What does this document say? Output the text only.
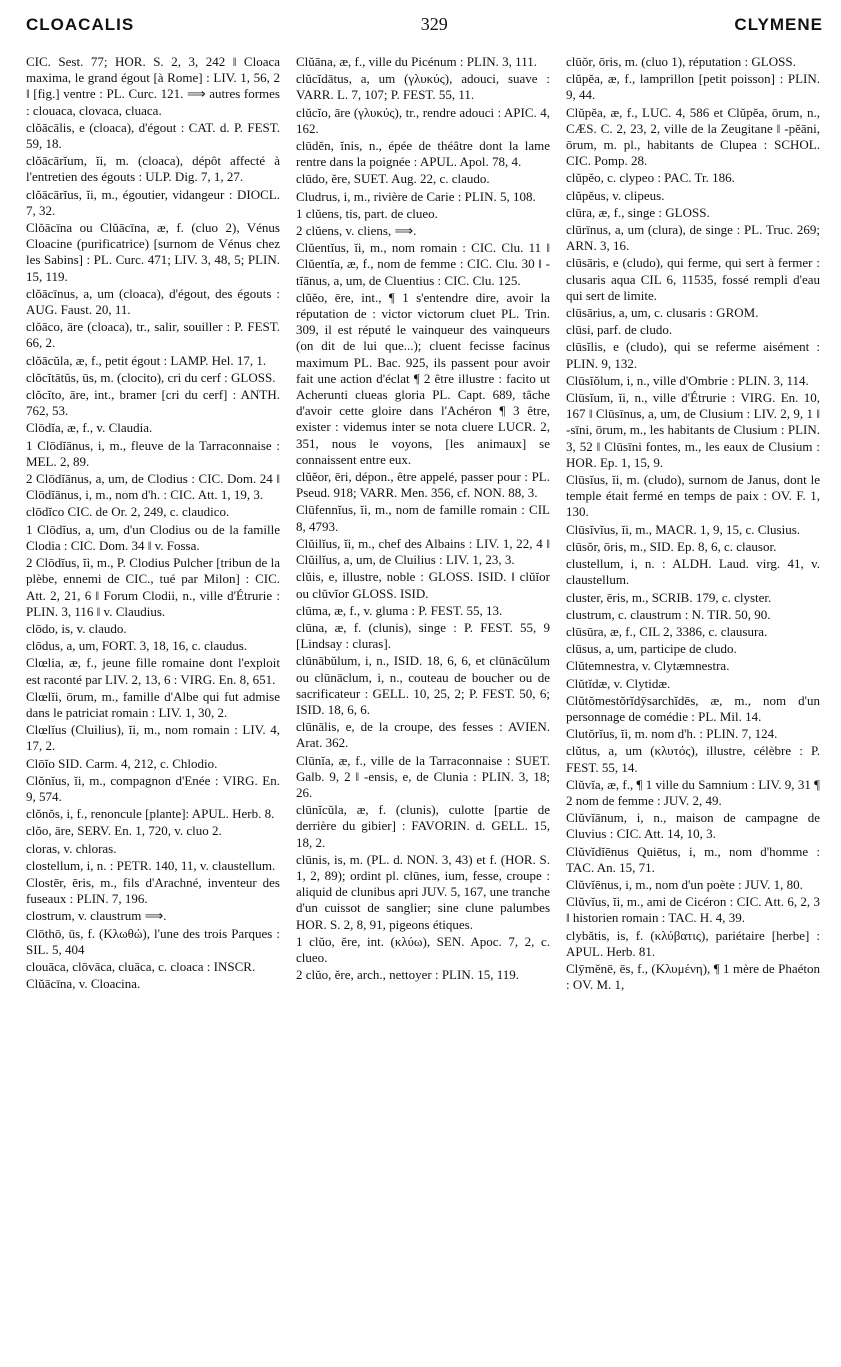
CLOACALIS	329	CLYMENE

CIC. Sest. 77; HOR. S. 2, 3, 242 ‖ Cloaca maxima, le grand égout [à Rome] : LIV. 1, 56, 2 ‖ [fig.] ventre : PL. Curc. 121. ⟹ autres formes : clouaca, clovaca, cluaca.

clŏācālis, e (cloaca), d'égout : CAT. d. P. FEST. 59, 18.

clŏācārĭum, ĭi, m. (cloaca), dépôt affecté à l'entretien des égouts : ULP. Dig. 7, 1, 27.

clŏācārĭus, ĭi, m., égoutier, vidangeur : DIOCL. 7, 32.

Clŏācīna ou Clŭācīna, æ, f. (cluo 2), Vénus Cloacine (purificatrice) [surnom de Vénus chez les Sabins] : PL. Curc. 471; LIV. 3, 48, 5; PLIN. 15, 119.

clŏācīnus, a, um (cloaca), d'égout, des égouts : AUG. Faust. 20, 11.

clŏāco, āre (cloaca), tr., salir, souiller : P. FEST. 66, 2.

clŏācŭla, æ, f., petit égout : LAMP. Hel. 17, 1.

clŏcĭtātŭs, ūs, m. (clocito), cri du cerf : GLOSS.

clŏcĭto, āre, int., bramer [cri du cerf] : ANTH. 762, 53.

Clōdĭa, æ, f., v. Claudia.

1 Clōdĭānus, i, m., fleuve de la Tarraconnaise : MEL. 2, 89.

2 Clōdĭānus, a, um, de Clodius : CIC. Dom. 24 ‖ Clōdĭānus, i, m., nom d'h. : CIC. Att. 1, 19, 3.

clōdĭco CIC. de Or. 2, 249, c. claudico.

1 Clōdĭus, a, um, d'un Clodius ou de la famille Clodia : CIC. Dom. 34 ‖ v. Fossa.

2 Clōdĭus, ĭi, m., P. Clodius Pulcher [tribun de la plèbe, ennemi de CIC., tué par Milon] : CIC. Att. 2, 21, 6 ‖ Forum Clodii, n., ville d'Étrurie : PLIN. 3, 116 ‖ v. Claudius.

clōdo, is, v. claudo.

clōdus, a, um, FORT. 3, 18, 16, c. claudus.

Clœlia, æ, f., jeune fille romaine dont l'exploit est raconté par LIV. 2, 13, 6 : VIRG. En. 8, 651.

Clœlĭi, ōrum, m., famille d'Albe qui fut admise dans le patriciat romain : LIV. 1, 30, 2.

Clœlĭus (Cluilius), ĭi, m., nom romain : LIV. 4, 17, 2.

Clōĭo SID. Carm. 4, 212, c. Chlodio.

Clŏnĭus, ĭi, m., compagnon d'Enée : VIRG. En. 9, 574.

clŏnŏs, i, f., renoncule [plante]: APUL. Herb. 8.

clŏo, āre, SERV. En. 1, 720, v. cluo 2.

cloras, v. chloras.

clostellum, i, n. : PETR. 140, 11, v. claustellum.

Clostēr, ēris, m., fils d'Arachné, inventeur des fuseaux : PLIN. 7, 196.

clostrum, v. claustrum ⟹.

Clōthō, ūs, f. (Κλωθώ), l'une des trois Parques : SIL. 5, 404

clouāca, clōvāca, cluāca, c. cloaca : INSCR.

Clŭācīna, v. Cloacina.

Clŭāna, æ, f., ville du Picénum : PLIN. 3, 111.

clŭcĭdātus, a, um (γλυκύς), adouci, suave : VARR. L. 7, 107; P. FEST. 55, 11.

clŭcĭo, āre (γλυκύς), tr., rendre adouci : APIC. 4, 162.

clūdĕn, ĭnis, n., épée de théâtre dont la lame rentre dans la poignée : APUL. Apol. 78, 4.

clūdo, ĕre, SUET. Aug. 22, c. claudo.

Cludrus, i, m., rivière de Carie : PLIN. 5, 108.

1 clŭens, tis, part. de clueo.

2 clŭens, v. cliens, ⟹.

Clŭentĭus, ĭi, m., nom romain : CIC. Clu. 11 ‖ Clŭentĭa, æ, f., nom de femme : CIC. Clu. 30 ‖ -tĭānus, a, um, de Cluentius : CIC. Clu. 125.

clŭĕo, ēre, int., ¶ 1 s'entendre dire, avoir la réputation de : victor victorum cluet PL. Trin. 309, il est réputé le vainqueur des vainqueurs (on dit de lui que...); cluent fecisse facinus maximum PL. Bac. 925, ils passent pour avoir fait une action d'éclat ¶ 2 être illustre : facito ut Acherunti clueas gloria PL. Capt. 689, tâche d'avoir cette gloire dans l'Achéron ¶ 3 être, exister : videmus inter se nota cluere LUCR. 2, 351, nous le voyons, [les animaux] se connaissent entre eux.

clŭĕor, ēri, dépon., être appelé, passer pour : PL. Pseud. 918; VARR. Men. 356, cf. NON. 88, 3.

Clūfennĭus, ĭi, m., nom de famille romain : CIL 8, 4793.

Clŭilĭus, ĭi, m., chef des Albains : LIV. 1, 22, 4 ‖ Clŭilĭus, a, um, de Cluilius : LIV. 1, 23, 3.

clŭis, e, illustre, noble : GLOSS. ISID. ‖ clŭĭor ou clŭvĭor GLOSS. ISID.

clūma, æ, f., v. gluma : P. FEST. 55, 13.

clūna, æ, f. (clunis), singe : P. FEST. 55, 9 [Lindsay : cluras].

clūnābŭlum, i, n., ISID. 18, 6, 6, et clūnācŭlum ou clūnāclum, i, n., couteau de boucher ou de sacrificateur : GELL. 10, 25, 2; P. FEST. 50, 6; ISID. 18, 6, 6.

clūnālis, e, de la croupe, des fesses : AVIEN. Arat. 362.

Clūnĭa, æ, f., ville de la Tarraconnaise : SUET. Galb. 9, 2 ‖ -ensis, e, de Clunia : PLIN. 3, 18; 26.

clūnĭcŭla, æ, f. (clunis), culotte [partie de derrière du gibier] : FAVORIN. d. GELL. 15, 18, 2.

clūnis, is, m. (PL. d. NON. 3, 43) et f. (HOR. S. 1, 2, 89); ordint pl. clūnes, ium, fesse, croupe : aliquid de clunibus apri JUV. 5, 167, une tranche d'un cuissot de sanglier; sine clune palumbes HOR. S. 2, 8, 91, pigeons étiques.

1 clŭo, ĕre, int. (κλύω), SEN. Apoc. 7, 2, c. clueo.

2 clŭo, ĕre, arch., nettoyer : PLIN. 15, 119.

clūŏr, ōris, m. (cluo 1), réputation : GLOSS.

clŭpĕa, æ, f., lamprillon [petit poisson] : PLIN. 9, 44.

Clŭpĕa, æ, f., LUC. 4, 586 et Clŭpĕa, ōrum, n., CÆS. C. 2, 23, 2, ville de la Zeugitane ‖ -pĕāni, ōrum, m. pl., habitants de Clupea : SCHOL. CIC. Pomp. 28.

clŭpĕo, c. clypeo : PAC. Tr. 186.

clŭpĕus, v. clipeus.

clūra, æ, f., singe : GLOSS.

clūrīnus, a, um (clura), de singe : PL. Truc. 269; ARN. 3, 16.

clūsāris, e (cludo), qui ferme, qui sert à fermer : clusaris aqua CIL 6, 11535, fossé rempli d'eau qui sert de limite.

clūsārius, a, um, c. clusaris : GROM.

clūsi, parf. de cludo.

clūsĭlis, e (cludo), qui se referme aisément : PLIN. 9, 132.

Clūsĭŏlum, i, n., ville d'Ombrie : PLIN. 3, 114.

Clūsĭum, ĭi, n., ville d'Étrurie : VIRG. En. 10, 167 ‖ Clūsīnus, a, um, de Clusium : LIV. 2, 9, 1 ‖ -sīni, ōrum, m., les habitants de Clusium : PLIN. 3, 52 ‖ Clūsīni fontes, m., les eaux de Clusium : HOR. Ep. 1, 15, 9.

Clūsĭus, ĭi, m. (cludo), surnom de Janus, dont le temple était fermé en temps de paix : OV. F. 1, 130.

Clūsĭvĭus, ĭi, m., MACR. 1, 9, 15, c. Clusius.

clūsŏr, ōris, m., SID. Ep. 8, 6, c. clausor.

clustellum, i, n. : ALDH. Laud. virg. 41, v. claustellum.

cluster, ēris, m., SCRIB. 179, c. clyster.

clustrum, c. claustrum : N. TIR. 50, 90.

clūsūra, æ, f., CIL 2, 3386, c. clausura.

clūsus, a, um, participe de cludo.

Clŭtemnestra, v. Clytæmnestra.

Clŭtĭdæ, v. Clytidæ.

Clŭtŏmestŏrĭdȳsarchĭdēs, æ, m., nom d'un personnage de comédie : PL. Mil. 14.

Clutŏrĭus, ĭi, m. nom d'h. : PLIN. 7, 124.

clŭtus, a, um (κλυτός), illustre, célèbre : P. FEST. 55, 14.

Clŭvĭa, æ, f., ¶ 1 ville du Samnium : LIV. 9, 31 ¶ 2 nom de femme : JUV. 2, 49.

Clŭvĭānum, i, n., maison de campagne de Cluvius : CIC. Att. 14, 10, 3.

Clŭvĭdĭēnus Quiētus, i, m., nom d'homme : TAC. An. 15, 71.

Clŭvĭēnus, i, m., nom d'un poète : JUV. 1, 80.

Clŭvĭus, ĭi, m., ami de Cicéron : CIC. Att. 6, 2, 3 ‖ historien romain : TAC. H. 4, 39.

clybătis, is, f. (κλύβατις), pariétaire [herbe] : APUL. Herb. 81.

Clȳmĕnē, ēs, f., (Κλυμένη), ¶ 1 mère de Phaéton : OV. M. 1,
